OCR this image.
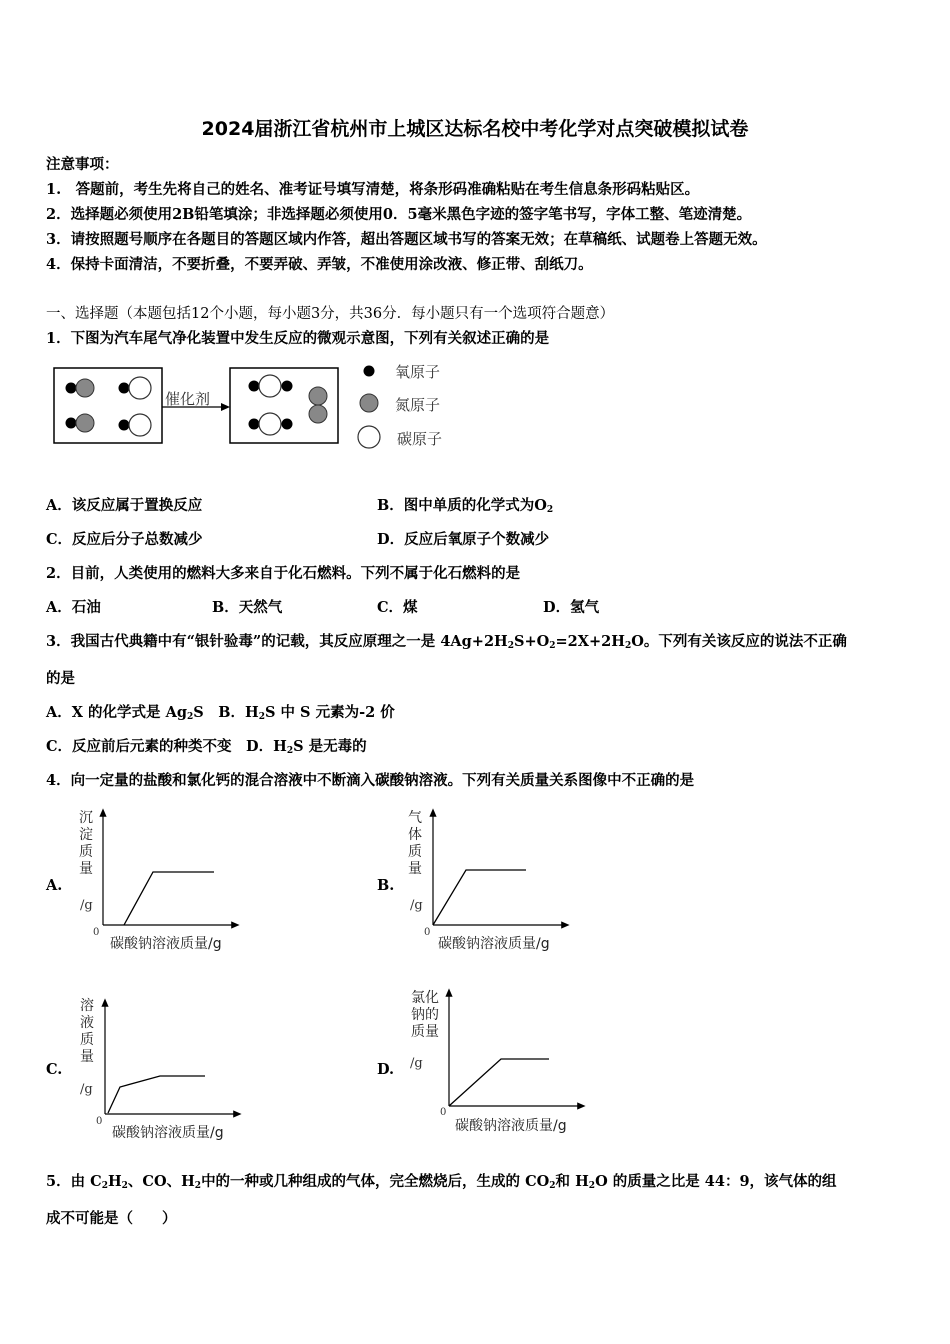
2024届浙江省杭州市上城区达标名校中考化学对点突破模拟试卷
注意事项：
1.　答题前，考生先将自己的姓名、准考证号填写清楚，将条形码准确粘贴在考生信息条形码粘贴区。
2．选择题必须使用2B铅笔填涂；非选择题必须使用0．5毫米黑色字迹的签字笔书写，字体工整、笔迹清楚。
3．请按照题号顺序在各题目的答题区域内作答，超出答题区域书写的答案无效；在草稿纸、试题卷上答题无效。
4．保持卡面清洁，不要折叠，不要弄破、弄皱，不准使用涂改液、修正带、刮纸刀。
一、选择题（本题包括12个小题，每小题3分，共36分．每小题只有一个选项符合题意）
1．下图为汽车尾气净化装置中发生反应的微观示意图，下列有关叙述正确的是
催化剂
氧原子
氮原子
碳原子
A．该反应属于置换反应	B．图中单质的化学式为$O_2$
C．反应后分子总数减少	D．反应后氧原子个数减少
2．目前，人类使用的燃料大多来自于化石燃料。下列不属于化石燃料的是
A．石油	B．天然气	C．煤	D．氢气
3．我国古代典籍中有“银针验毒”的记载，其反应原理之一是 $4Ag+2H_2S+O_2=2X+2H_2O$。下列有关该反应的说法不正确
的是
A．X 的化学式是 $Ag_2S$　 B．$H_2S$ 中 S 元素为-2 价
C．反应前后元素的种类不变　 D．$H_2S$ 是无毒的
4．向一定量的盐酸和氯化钙的混合溶液中不断滴入碳酸钠溶液。下列有关质量关系图像中不正确的是
A.
沉淀质量
/g
0
碳酸钠溶液质量/g
B.
气体质量
/g
0
碳酸钠溶液质量/g
C.
溶液质量
/g
0
碳酸钠溶液质量/g
D.
氯化钠的质量
/g
0
碳酸钠溶液质量/g
5．由 $C_2H_2$、CO、$H_2$中的一种或几种组成的气体，完全燃烧后，生成的 $CO_2$和 $H_2O$ 的质量之比是 44：9，该气体的组
成不可能是（　　）
